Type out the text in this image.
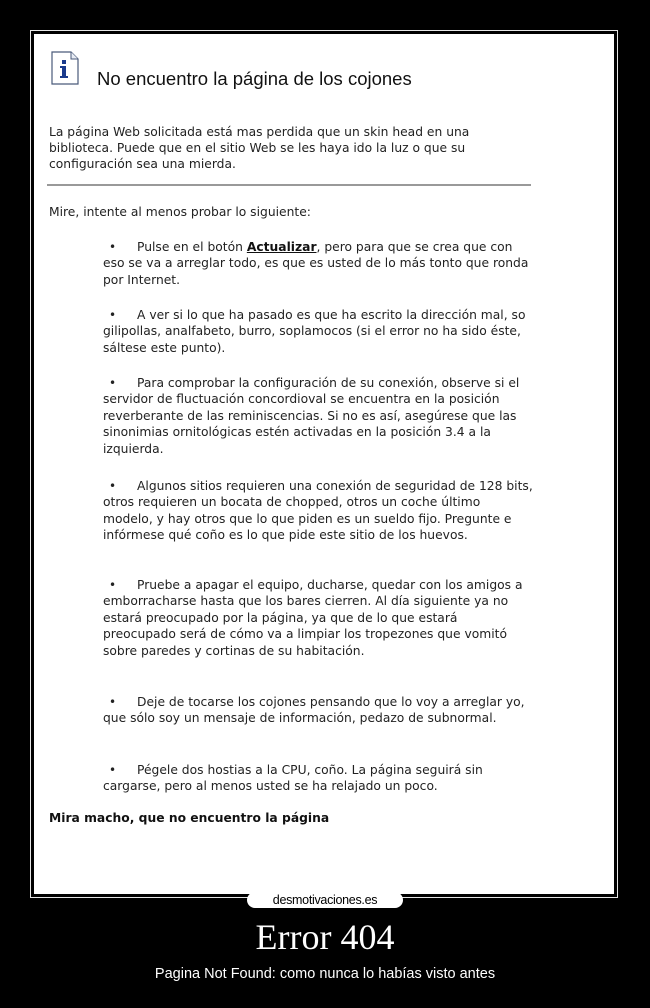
No encuentro la página de los cojones
La página Web solicitada está mas perdida que un skin head en una biblioteca. Puede que en el sitio Web se les haya ido la luz o que su configuración sea una mierda.
Mire, intente al menos probar lo siguiente:
• Pulse en el botón Actualizar, pero para que se crea que con eso se va a arreglar todo, es que es usted de lo más tonto que ronda por Internet.
• A ver si lo que ha pasado es que ha escrito la dirección mal, so gilipollas, analfabeto, burro, soplamocos (si el error no ha sido éste, sáltese este punto).
• Para comprobar la configuración de su conexión, observe si el servidor de fluctuación concordioval se encuentra en la posición reverberante de las reminiscencias. Si no es así, asegúrese que las sinonimias ornitológicas estén activadas en la posición 3.4 a la izquierda.
• Algunos sitios requieren una conexión de seguridad de 128 bits, otros requieren un bocata de chopped, otros un coche último modelo, y hay otros que lo que piden es un sueldo fijo. Pregunte e infórmese qué coño es lo que pide este sitio de los huevos.
• Pruebe a apagar el equipo, ducharse, quedar con los amigos a emborracharse hasta que los bares cierren. Al día siguiente ya no estará preocupado por la página, ya que de lo que estará preocupado será de cómo va a limpiar los tropezones que vomitó sobre paredes y cortinas de su habitación.
• Deje de tocarse los cojones pensando que lo voy a arreglar yo, que sólo soy un mensaje de información, pedazo de subnormal.
• Pégele dos hostias a la CPU, coño. La página seguirá sin cargarse, pero al menos usted se ha relajado un poco.
Mira macho, que no encuentro la página
desmotivaciones.es
Error 404
Pagina Not Found: como nunca lo habías visto antes
